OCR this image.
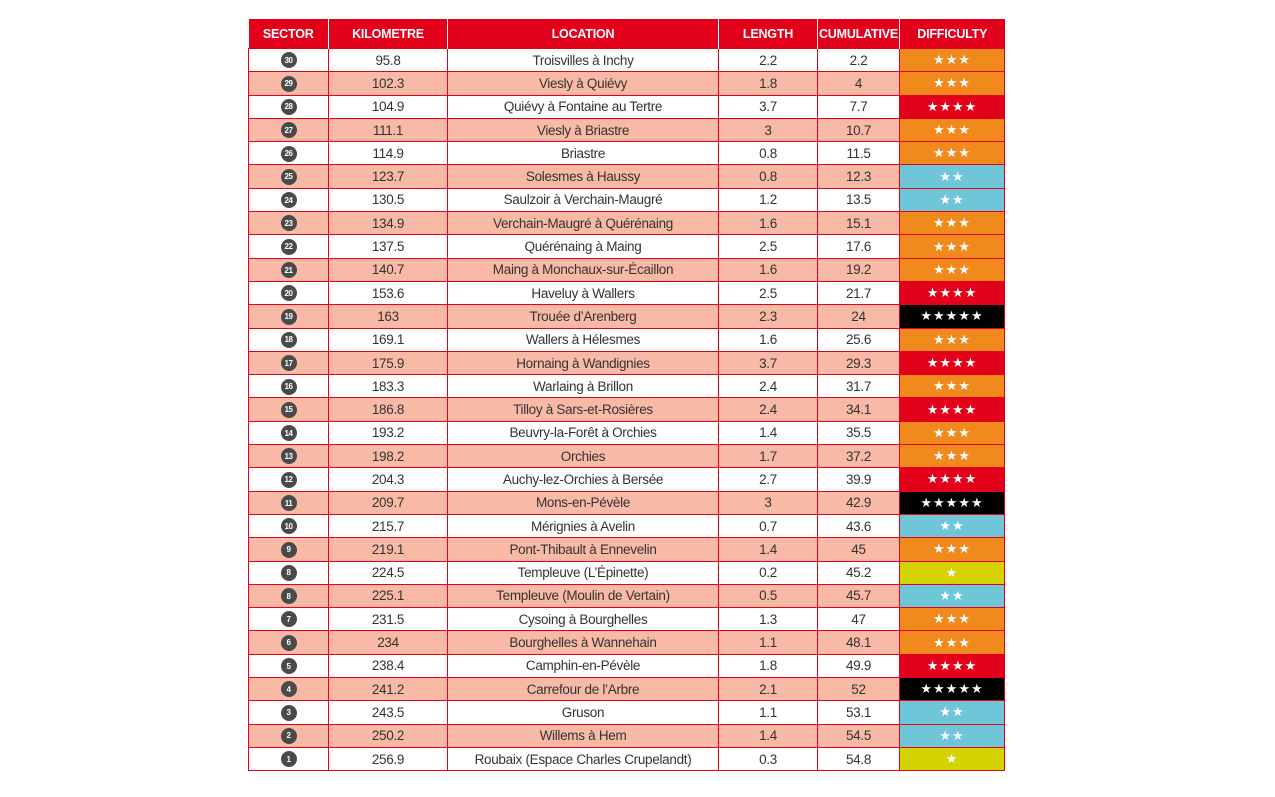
SECTOR	KILOMETRE	LOCATION	LENGTH	CUMULATIVE	DIFFICULTY
30	95.8	Troisvilles à Inchy	2.2	2.2	★★★
29	102.3	Viesly à Quiévy	1.8	4	★★★
28	104.9	Quiévy à Fontaine au Tertre	3.7	7.7	★★★★
27	111.1	Viesly à Briastre	3	10.7	★★★
26	114.9	Briastre	0.8	11.5	★★★
25	123.7	Solesmes à Haussy	0.8	12.3	★★
24	130.5	Saulzoir à Verchain-Maugré	1.2	13.5	★★
23	134.9	Verchain-Maugré à Quérénaing	1.6	15.1	★★★
22	137.5	Quérénaing à Maing	2.5	17.6	★★★
21	140.7	Maing à Monchaux-sur-Écaillon	1.6	19.2	★★★
20	153.6	Haveluy à Wallers	2.5	21.7	★★★★
19	163	Trouée d’Arenberg	2.3	24	★★★★★
18	169.1	Wallers à Hélesmes	1.6	25.6	★★★
17	175.9	Hornaing à Wandignies	3.7	29.3	★★★★
16	183.3	Warlaing à Brillon	2.4	31.7	★★★
15	186.8	Tilloy à Sars-et-Rosières	2.4	34.1	★★★★
14	193.2	Beuvry-la-Forêt à Orchies	1.4	35.5	★★★
13	198.2	Orchies	1.7	37.2	★★★
12	204.3	Auchy-lez-Orchies à Bersée	2.7	39.9	★★★★
11	209.7	Mons-en-Pévèle	3	42.9	★★★★★
10	215.7	Mérignies à Avelin	0.7	43.6	★★
9	219.1	Pont-Thibault à Ennevelin	1.4	45	★★★
8	224.5	Templeuve (L’Épinette)	0.2	45.2	★
8	225.1	Templeuve (Moulin de Vertain)	0.5	45.7	★★
7	231.5	Cysoing à Bourghelles	1.3	47	★★★
6	234	Bourghelles à Wannehain	1.1	48.1	★★★
5	238.4	Camphin-en-Pévèle	1.8	49.9	★★★★
4	241.2	Carrefour de l’Arbre	2.1	52	★★★★★
3	243.5	Gruson	1.1	53.1	★★
2	250.2	Willems à Hem	1.4	54.5	★★
1	256.9	Roubaix (Espace Charles Crupelandt)	0.3	54.8	★
